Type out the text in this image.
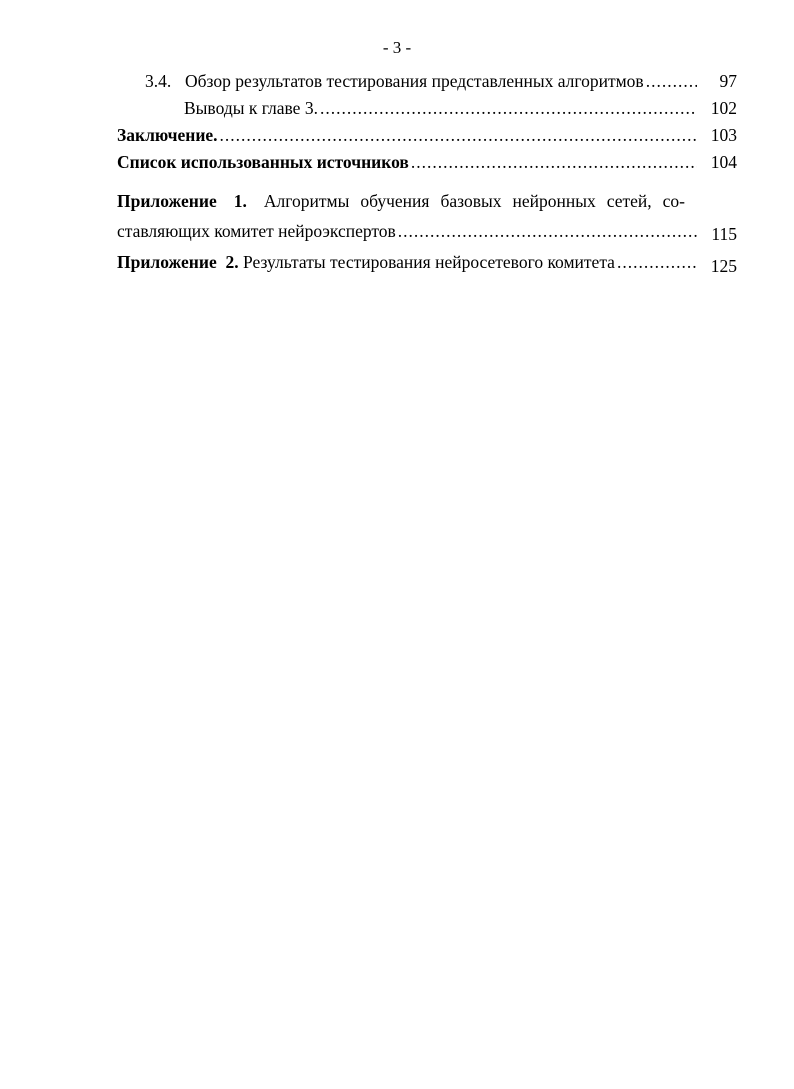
- 3 -
3.4. Обзор результатов тестирования представленных алгоритмов .....	97
Выводы к главе 3. .....	102
Заключение. .....	103
Список использованных источников .....	104
Приложение 1. Алгоритмы обучения базовых нейронных сетей, со-
ставляющих комитет нейроэкспертов .....	115
Приложение 2. Результаты тестирования нейросетевого комитета .....	125
